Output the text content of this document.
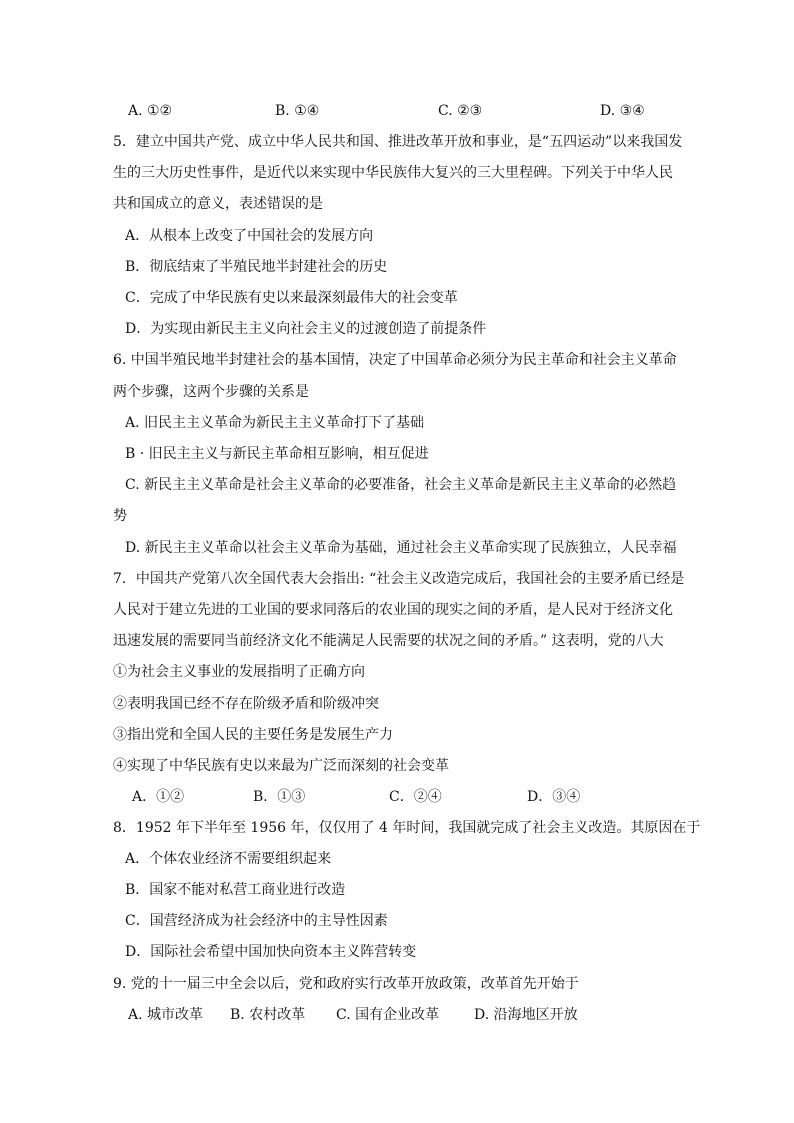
A. ①②	B. ①④	C. ②③	D. ③④
5．建立中国共产党、成立中华人民共和国、推进改革开放和事业，是“五四运动”以来我国发
生的三大历史性事件，是近代以来实现中华民族伟大复兴的三大里程碑。下列关于中华人民
共和国成立的意义，表述错误的是
A．从根本上改变了中国社会的发展方向
B．彻底结束了半殖民地半封建社会的历史
C．完成了中华民族有史以来最深刻最伟大的社会变革
D．为实现由新民主主义向社会主义的过渡创造了前提条件
6. 中国半殖民地半封建社会的基本国情，决定了中国革命必须分为民主革命和社会主义革命
两个步骤，这两个步骤的关系是
A. 旧民主主义革命为新民主主义革命打下了基础
B · 旧民主主义与新民主革命相互影响，相互促进
C. 新民主主义革命是社会主义革命的必要准备，社会主义革命是新民主主义革命的必然趋
势
D. 新民主主义革命以社会主义革命为基础，通过社会主义革命实现了民族独立，人民幸福
7．中国共产党第八次全国代表大会指出: “社会主义改造完成后，我国社会的主要矛盾已经是
人民对于建立先进的工业国的要求同落后的农业国的现实之间的矛盾，是人民对于经济文化
迅速发展的需要同当前经济文化不能满足人民需要的状况之间的矛盾。” 这表明，党的八大
①为社会主义事业的发展指明了正确方向
②表明我国已经不存在阶级矛盾和阶级冲突
③指出党和全国人民的主要任务是发展生产力
④实现了中华民族有史以来最为广泛而深刻的社会变革
A．①②	B．①③	C．②④	D．③④
8．1952 年下半年至 1956 年，仅仅用了 4 年时间，我国就完成了社会主义改造。其原因在于
A．个体农业经济不需要组织起来
B．国家不能对私营工商业进行改造
C．国营经济成为社会经济中的主导性因素
D．国际社会希望中国加快向资本主义阵营转变
9. 党的十一届三中全会以后，党和政府实行改革开放政策，改革首先开始于
A. 城市改革 B. 农村改革 C. 国有企业改革 D. 沿海地区开放
